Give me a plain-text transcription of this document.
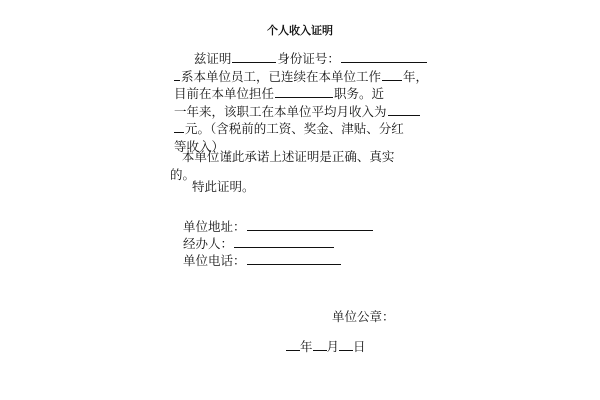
个人收入证明
兹证明	身份证号：
系本单位员工，已连续在本单位工作 年，
目前在本单位担任	职务。近
一年来，该职工在本单位平均月收入为
元。（含税前的工资、奖金、津贴、分红
等收入）
本单位谨此承诺上述证明是正确、真实
的。
特此证明。
单位地址：
经办人：
单位电话：
单位公章：
年 月 日
